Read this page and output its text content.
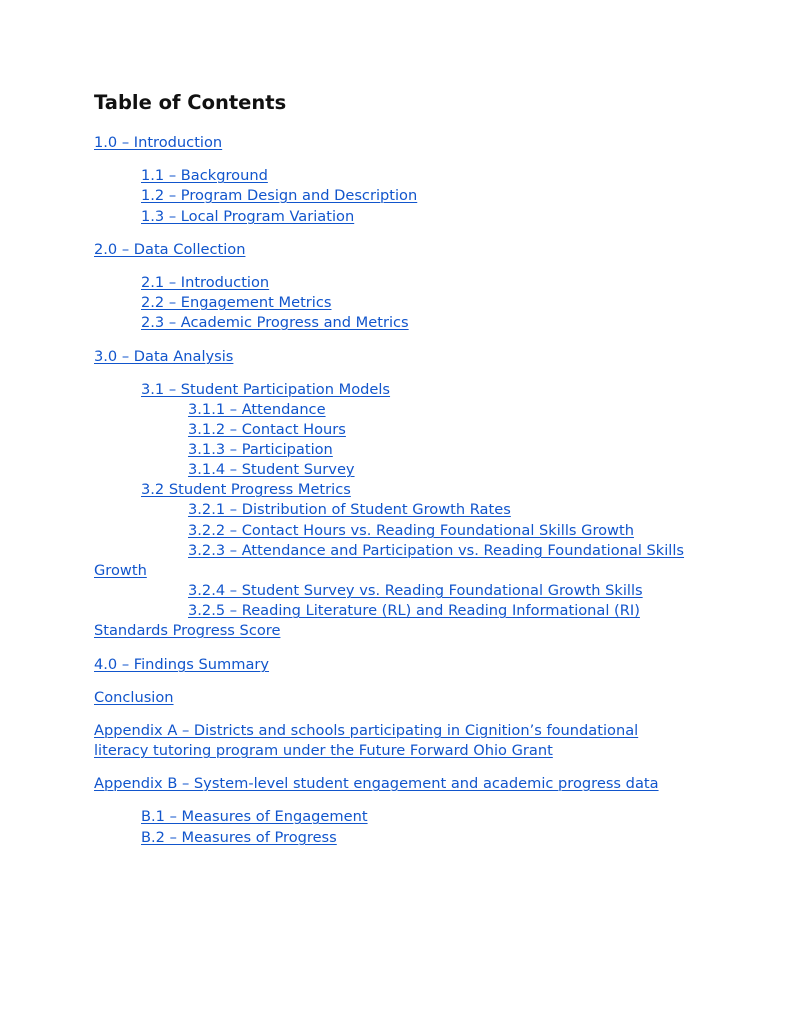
Table of Contents

1.0 – Introduction

1.1 – Background

1.2 – Program Design and Description

1.3 – Local Program Variation

2.0 – Data Collection

2.1 – Introduction

2.2 – Engagement Metrics

2.3 – Academic Progress and Metrics

3.0 – Data Analysis

3.1 – Student Participation Models

3.1.1 – Attendance

3.1.2 – Contact Hours

3.1.3 – Participation

3.1.4 – Student Survey

3.2 Student Progress Metrics

3.2.1 – Distribution of Student Growth Rates

3.2.2 – Contact Hours vs. Reading Foundational Skills Growth

3.2.3 – Attendance and Participation vs. Reading Foundational Skills

Growth

3.2.4 – Student Survey vs. Reading Foundational Growth Skills

3.2.5 – Reading Literature (RL) and Reading Informational (RI)

Standards Progress Score

4.0 – Findings Summary

Conclusion

Appendix A – Districts and schools participating in Cignition’s foundational

literacy tutoring program under the Future Forward Ohio Grant

Appendix B – System-level student engagement and academic progress data

B.1 – Measures of Engagement

B.2 – Measures of Progress
